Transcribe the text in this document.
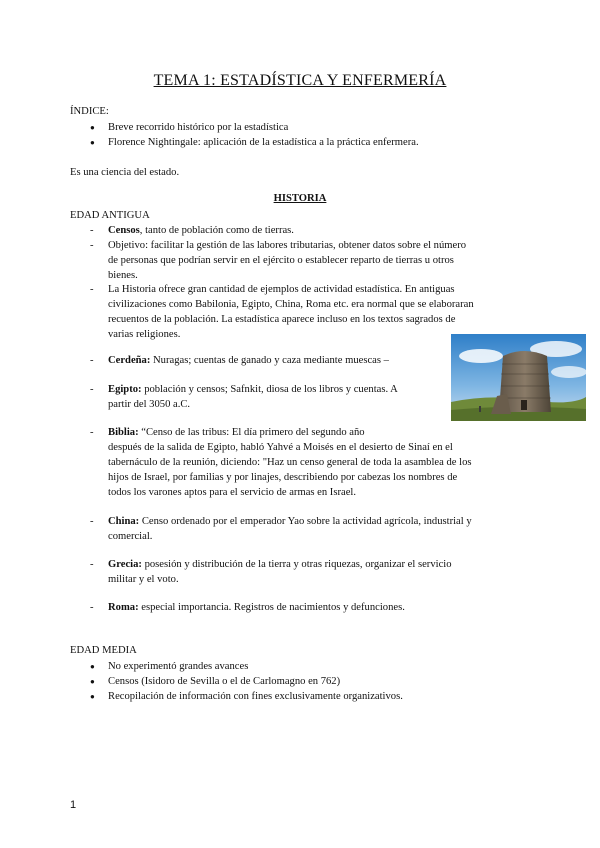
TEMA 1: ESTADÍSTICA Y ENFERMERÍA
ÍNDICE:
● Breve recorrido histórico por la estadística
● Florence Nightingale: aplicación de la estadística a la práctica enfermera.
Es una ciencia del estado.
HISTORIA
EDAD ANTIGUA
- Censos, tanto de población como de tierras.
- Objetivo: facilitar la gestión de las labores tributarias, obtener datos sobre el número
de personas que podrían servir en el ejército o establecer reparto de tierras u otros
bienes.
- La Historia ofrece gran cantidad de ejemplos de actividad estadística. En antiguas
civilizaciones como Babilonia, Egipto, China, Roma etc. era normal que se elaboraran
recuentos de la población. La estadística aparece incluso en los textos sagrados de
varias religiones.
- Cerdeña: Nuragas; cuentas de ganado y caza mediante muescas –
- Egipto: población y censos; Safnkit, diosa de los libros y cuentas. A
partir del 3050 a.C.
- Biblia: “Censo de las tribus: El día primero del segundo año
después de la salida de Egipto, habló Yahvé a Moisés en el desierto de Sinaí en el
tabernáculo de la reunión, diciendo: "Haz un censo general de toda la asamblea de los
hijos de Israel, por familias y por linajes, describiendo por cabezas los nombres de
todos los varones aptos para el servicio de armas en Israel.
- China: Censo ordenado por el emperador Yao sobre la actividad agrícola, industrial y
comercial.
- Grecia: posesión y distribución de la tierra y otras riquezas, organizar el servicio
militar y el voto.
- Roma: especial importancia. Registros de nacimientos y defunciones.
EDAD MEDIA
● No experimentó grandes avances
● Censos (Isidoro de Sevilla o el de Carlomagno en 762)
● Recopilación de información con fines exclusivamente organizativos.
1
